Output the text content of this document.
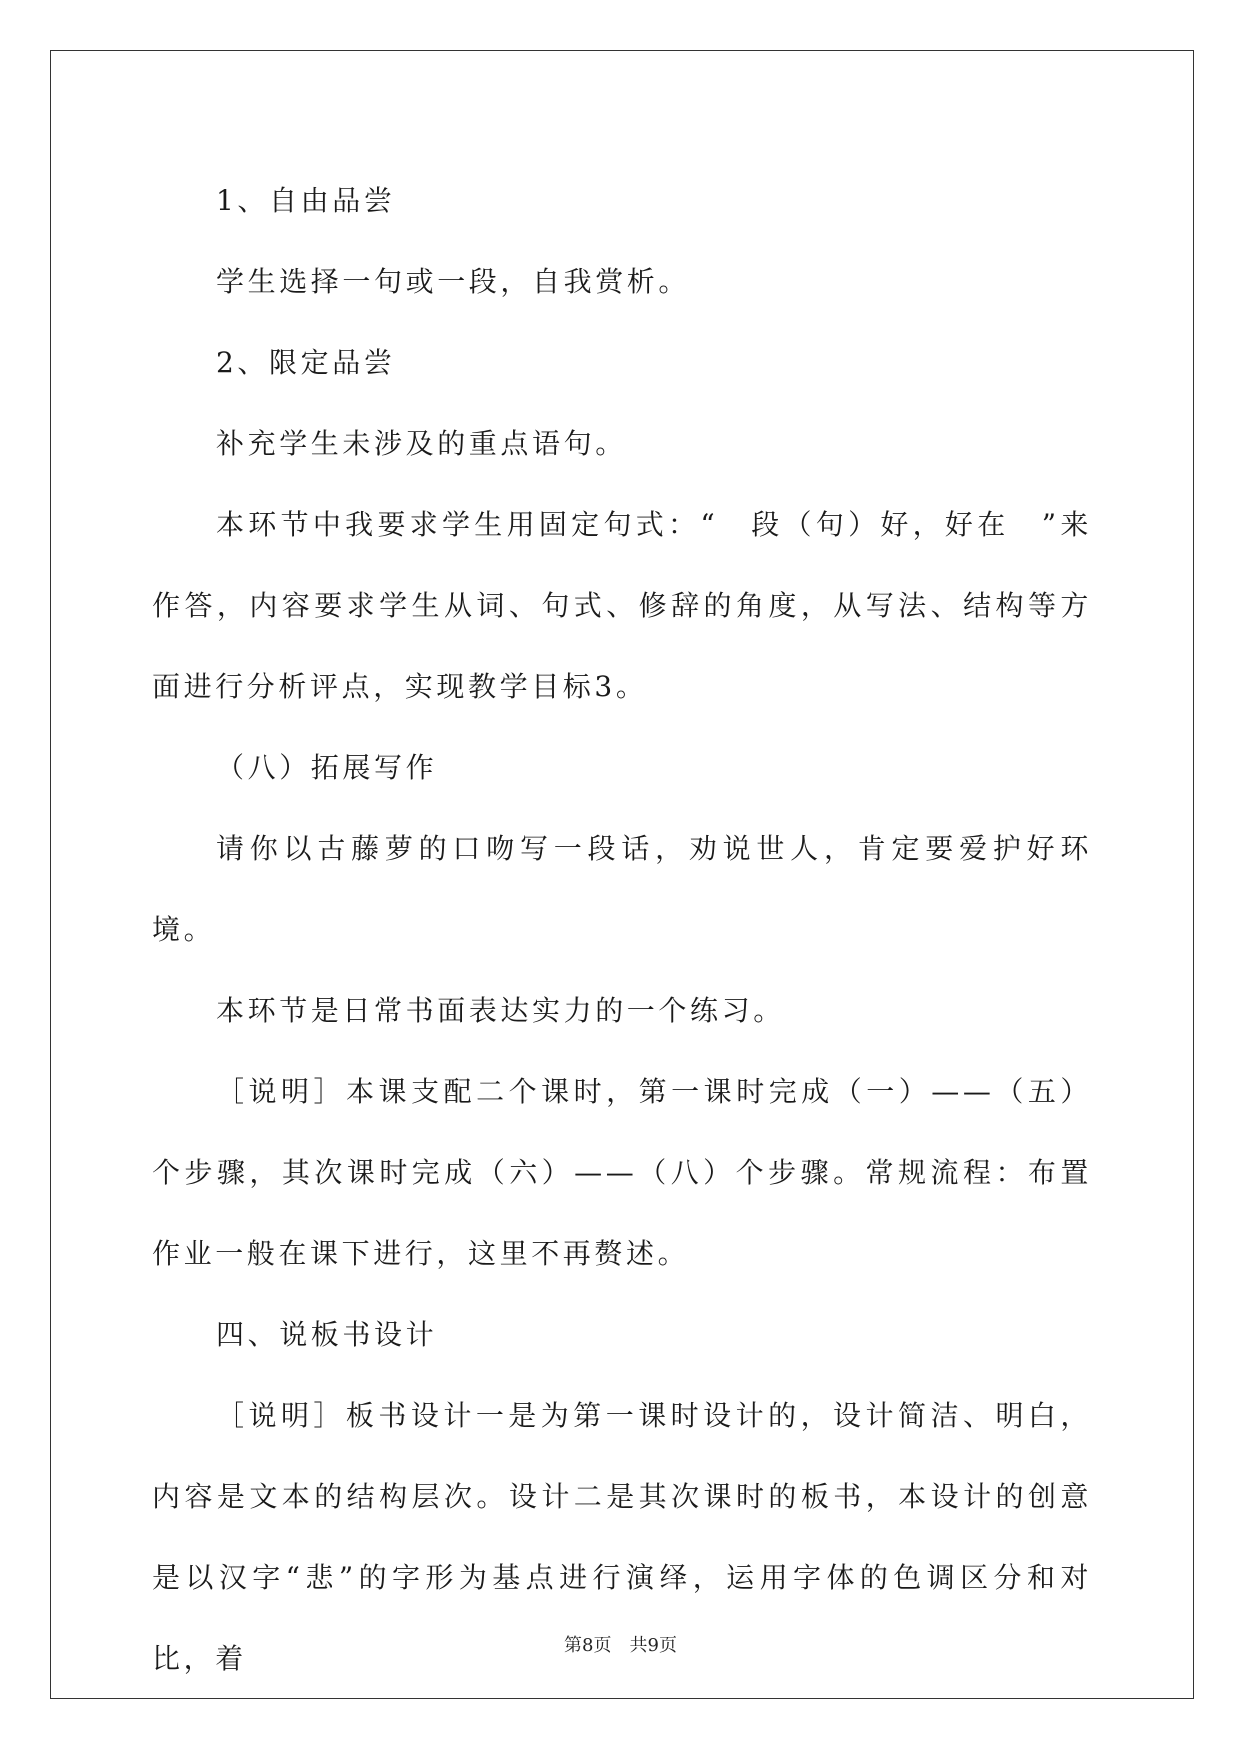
1、自由品尝

学生选择一句或一段，自我赏析。

2、限定品尝

补充学生未涉及的重点语句。

本环节中我要求学生用固定句式：“　段（句）好，好在　”来作答，内容要求学生从词、句式、修辞的角度，从写法、结构等方面进行分析评点，实现教学目标3。

（八）拓展写作

请你以古藤萝的口吻写一段话，劝说世人，肯定要爱护好环境。

本环节是日常书面表达实力的一个练习。

［说明］本课支配二个课时，第一课时完成（一）——（五）个步骤，其次课时完成（六）——（八）个步骤。常规流程：布置作业一般在课下进行，这里不再赘述。

四、说板书设计

［说明］板书设计一是为第一课时设计的，设计简洁、明白，内容是文本的结构层次。设计二是其次课时的板书，本设计的创意是以汉字“悲”的字形为基点进行演绎，运用字体的色调区分和对比，着	第8页　共9页
